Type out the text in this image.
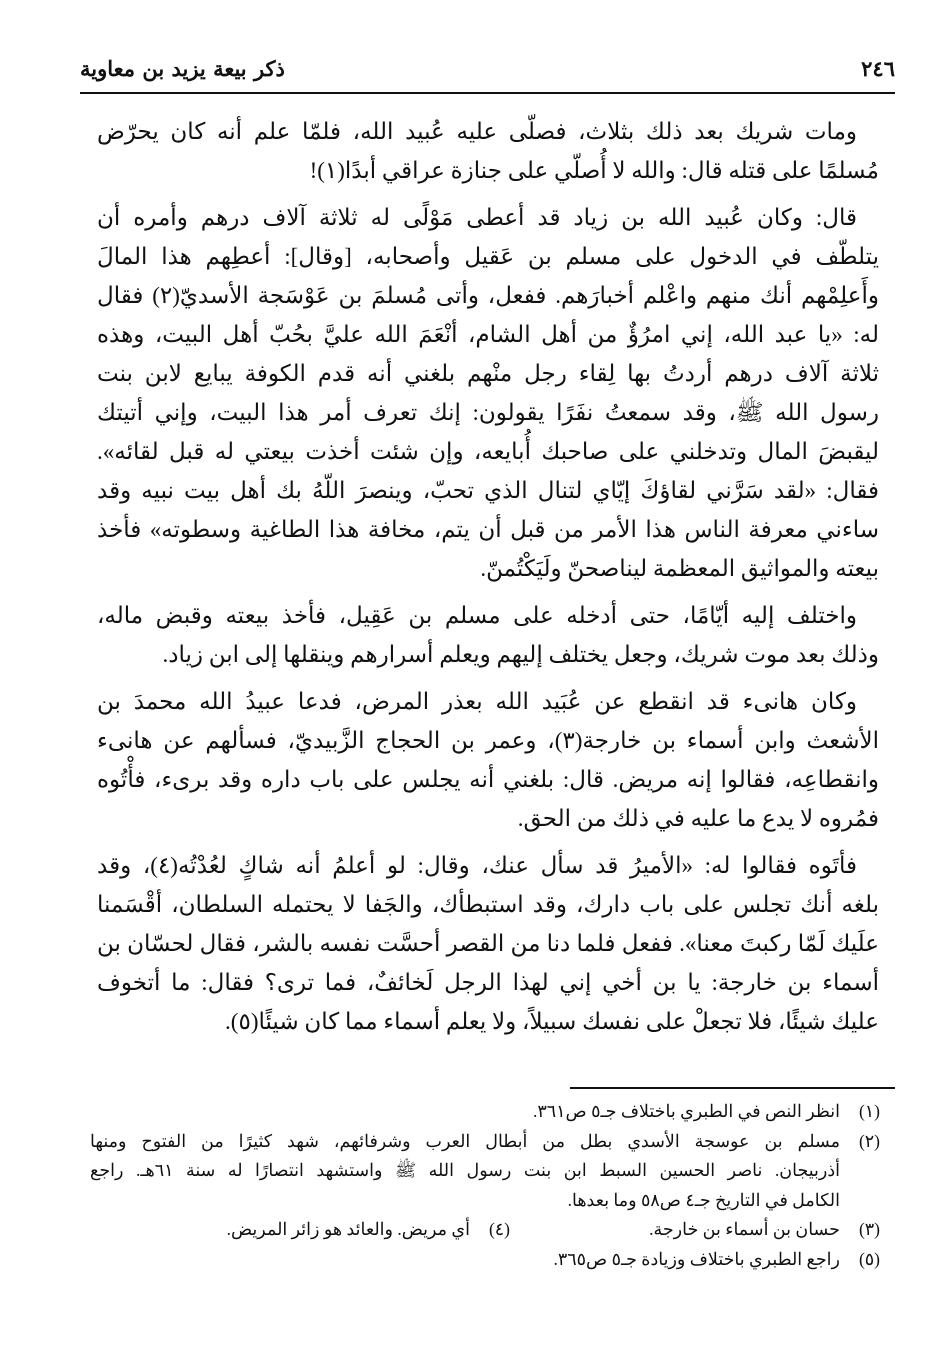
٢٤٦
ذكر بيعة يزيد بن معاوية
ومات شريك بعد ذلك بثلاث، فصلّى عليه عُبيد الله، فلمّا علم أنه كان يحرّض
مُسلمًا على قتله قال: والله لا أُصلّي على جنازة عراقي أبدًا(١)!
قال: وكان عُبيد الله بن زياد قد أعطى مَوْلًى له ثلاثة آلاف درهم وأمره أن
يتلطّف في الدخول على مسلم بن عَقيل وأصحابه، [وقال]: أعطِهم هذا المالَ
وأَعلِمْهم أنك منهم واعْلم أخبارَهم. ففعل، وأتى مُسلمَ بن عَوْسَجة الأسديّ(٢) فقال
له: «يا عبد الله، إني امرُؤٌ من أهل الشام، أنْعَمَ الله عليَّ بحُبّ أهل البيت، وهذه
ثلاثة آلاف درهم أردتُ بها لِقاء رجل منْهم بلغني أنه قدم الكوفة يبايع لابن بنت
رسول الله ﷺ، وقد سمعتُ نفَرًا يقولون: إنك تعرف أمر هذا البيت، وإني أتيتك
ليقبضَ المال وتدخلني على صاحبك أُبايعه، وإن شئت أخذت بيعتي له قبل لقائه».
فقال: «لقد سَرَّني لقاؤكَ إيّاي لتنال الذي تحبّ، وينصرَ اللّهُ بك أهل بيت نبيه وقد
ساءني معرفة الناس هذا الأمر من قبل أن يتم، مخافة هذا الطاغية وسطوته» فأخذ
بيعته والمواثيق المعظمة ليناصحنّ ولَيَكْتُمنّ.
واختلف إليه أيّامًا، حتى أدخله على مسلم بن عَقِيل، فأخذ بيعته وقبض ماله،
وذلك بعد موت شريك، وجعل يختلف إليهم ويعلم أسرارهم وينقلها إلى ابن زياد.
وكان هانىء قد انقطع عن عُبَيد الله بعذر المرض، فدعا عبيدُ الله محمدَ بن
الأشعث وابن أسماء بن خارجة(٣)، وعمر بن الحجاج الزَّبيديّ، فسألهم عن هانىء
وانقطاعِه، فقالوا إنه مريض. قال: بلغني أنه يجلس على باب داره وقد برىء، فأْتُوه
فمُروه لا يدع ما عليه في ذلك من الحق.
فأتَوه فقالوا له: «الأميرُ قد سأل عنك، وقال: لو أعلمُ أنه شاكٍ لعُدْتُه(٤)، وقد
بلغه أنك تجلس على باب دارك، وقد استبطأك، والجَفا لا يحتمله السلطان، أقْسَمنا
علَيك لَمّا ركبتَ معنا». ففعل فلما دنا من القصر أحسَّت نفسه بالشر، فقال لحسّان بن
أسماء بن خارجة: يا بن أخي إني لهذا الرجل لَخائفٌ، فما ترى؟ فقال: ما أتخوف
عليك شيئًا، فلا تجعلْ على نفسك سبيلاً، ولا يعلم أسماء مما كان شيئًا(٥).
(١)
انظر النص في الطبري باختلاف جـ٥ ص٣٦١.
(٢)
مسلم بن عوسجة الأسدي بطل من أبطال العرب وشرفائهم، شهد كثيرًا من الفتوح ومنها
أذربيجان. ناصر الحسين السبط ابن بنت رسول الله ﷺ واستشهد انتصارًا له سنة ٦١هـ. راجع
الكامل في التاريخ جـ٤ ص٥٨ وما بعدها.
(٣)
حسان بن أسماء بن خارجة.
(٤)
أي مريض. والعائد هو زائر المريض.
(٥)
راجع الطبري باختلاف وزيادة جـ٥ ص٣٦٥.
